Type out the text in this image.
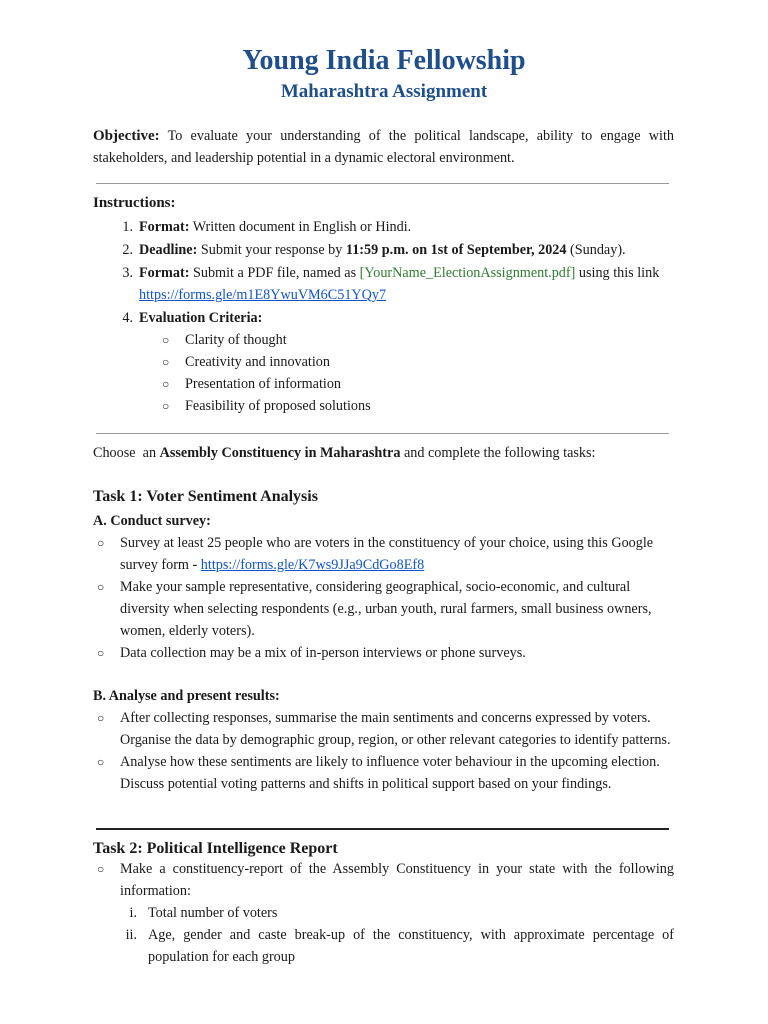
Young India Fellowship
Maharashtra Assignment
Objective: To evaluate your understanding of the political landscape, ability to engage with stakeholders, and leadership potential in a dynamic electoral environment.
Instructions:
1. Format: Written document in English or Hindi.
2. Deadline: Submit your response by 11:59 p.m. on 1st of September, 2024 (Sunday).
3. Format: Submit a PDF file, named as [YourName_ElectionAssignment.pdf] using this link https://forms.gle/m1E8YwuVM6C51YQy7
4. Evaluation Criteria:
○ Clarity of thought
○ Creativity and innovation
○ Presentation of information
○ Feasibility of proposed solutions
Choose  an Assembly Constituency in Maharashtra and complete the following tasks:
Task 1: Voter Sentiment Analysis
A. Conduct survey:
○ Survey at least 25 people who are voters in the constituency of your choice, using this Google survey form - https://forms.gle/K7ws9JJa9CdGo8Ef8
○ Make your sample representative, considering geographical, socio-economic, and cultural diversity when selecting respondents (e.g., urban youth, rural farmers, small business owners, women, elderly voters).
○ Data collection may be a mix of in-person interviews or phone surveys.
B. Analyse and present results:
○ After collecting responses, summarise the main sentiments and concerns expressed by voters. Organise the data by demographic group, region, or other relevant categories to identify patterns.
○ Analyse how these sentiments are likely to influence voter behaviour in the upcoming election. Discuss potential voting patterns and shifts in political support based on your findings.
Task 2: Political Intelligence Report
○ Make a constituency-report of the Assembly Constituency in your state with the following information:
i. Total number of voters
ii. Age, gender and caste break-up of the constituency, with approximate percentage of population for each group
